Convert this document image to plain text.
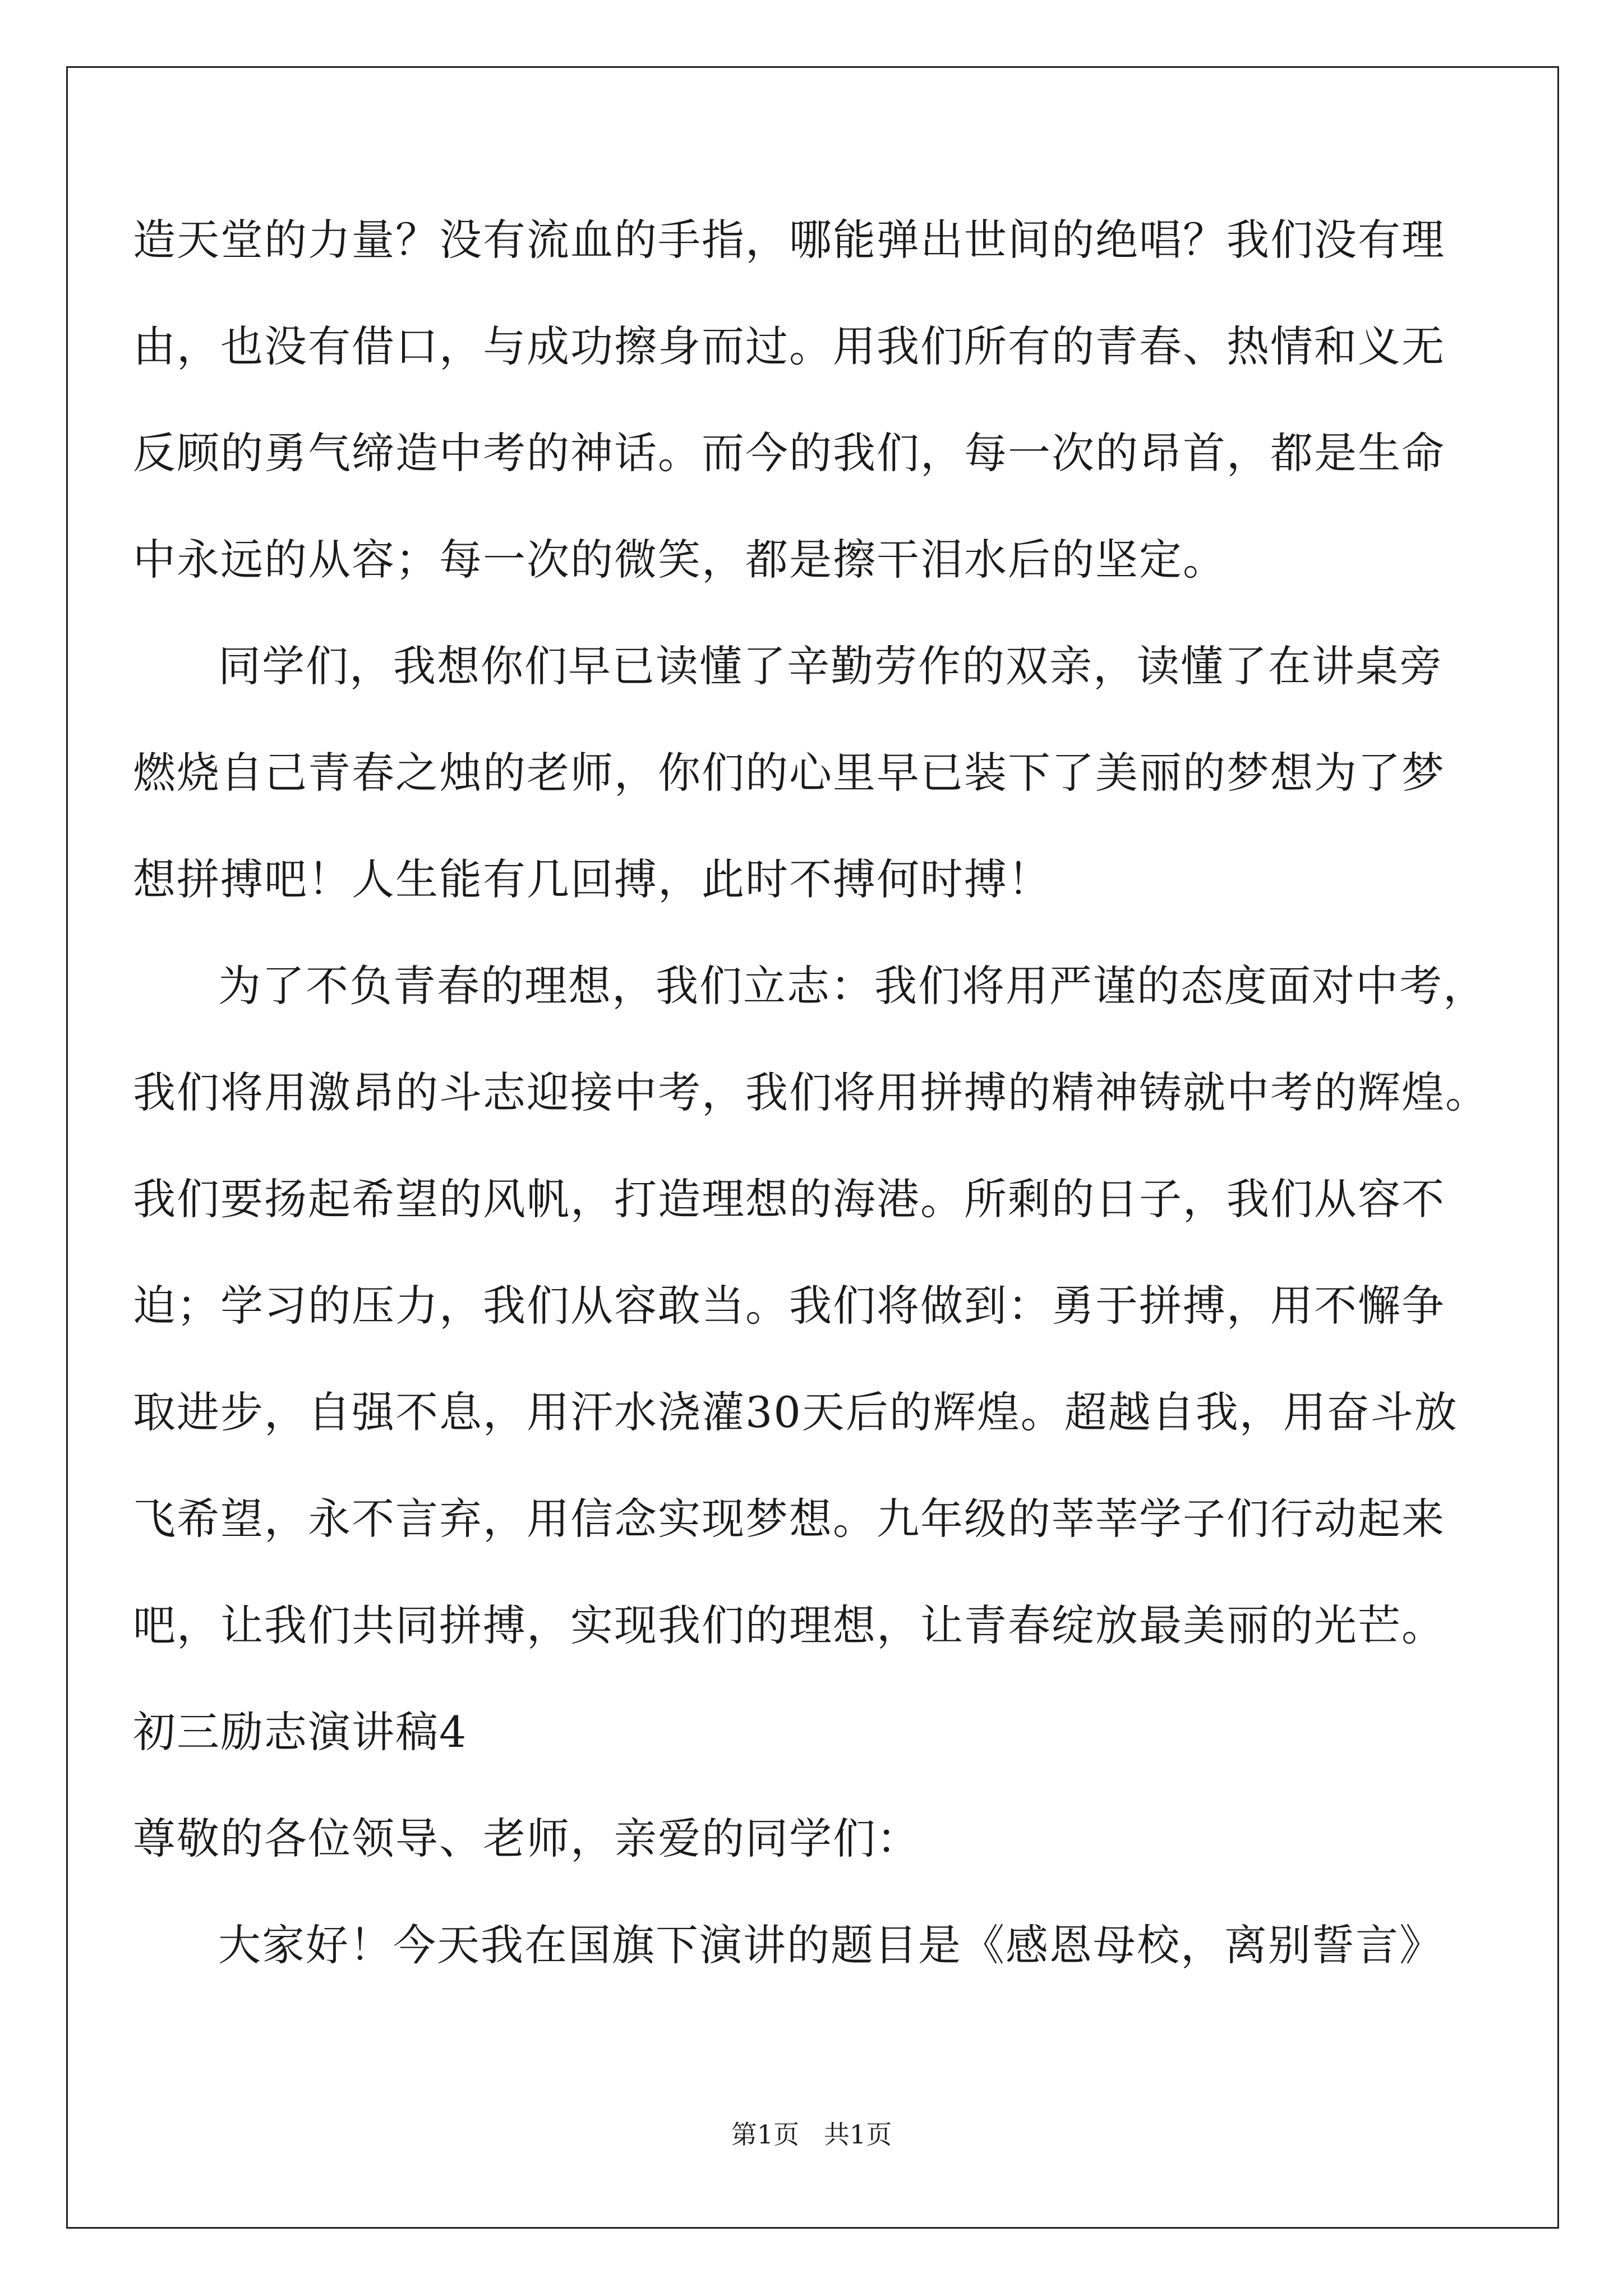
造天堂的力量？没有流血的手指，哪能弹出世间的绝唱？我们没有理
由，也没有借口，与成功擦身而过。用我们所有的青春、热情和义无
反顾的勇气缔造中考的神话。而今的我们，每一次的昂首，都是生命
中永远的从容；每一次的微笑，都是擦干泪水后的坚定。
同学们，我想你们早已读懂了辛勤劳作的双亲，读懂了在讲桌旁
燃烧自己青春之烛的老师，你们的心里早已装下了美丽的梦想为了梦
想拼搏吧！人生能有几回搏，此时不搏何时搏！
为了不负青春的理想，我们立志：我们将用严谨的态度面对中考，
我们将用激昂的斗志迎接中考，我们将用拼搏的精神铸就中考的辉煌。
我们要扬起希望的风帆，打造理想的海港。所剩的日子，我们从容不
迫；学习的压力，我们从容敢当。我们将做到：勇于拼搏，用不懈争
取进步，自强不息，用汗水浇灌30天后的辉煌。超越自我，用奋斗放
飞希望，永不言弃，用信念实现梦想。九年级的莘莘学子们行动起来
吧，让我们共同拼搏，实现我们的理想，让青春绽放最美丽的光芒。
初三励志演讲稿4
尊敬的各位领导、老师，亲爱的同学们：
大家好！今天我在国旗下演讲的题目是《感恩母校，离别誓言》
第1页   共1页
